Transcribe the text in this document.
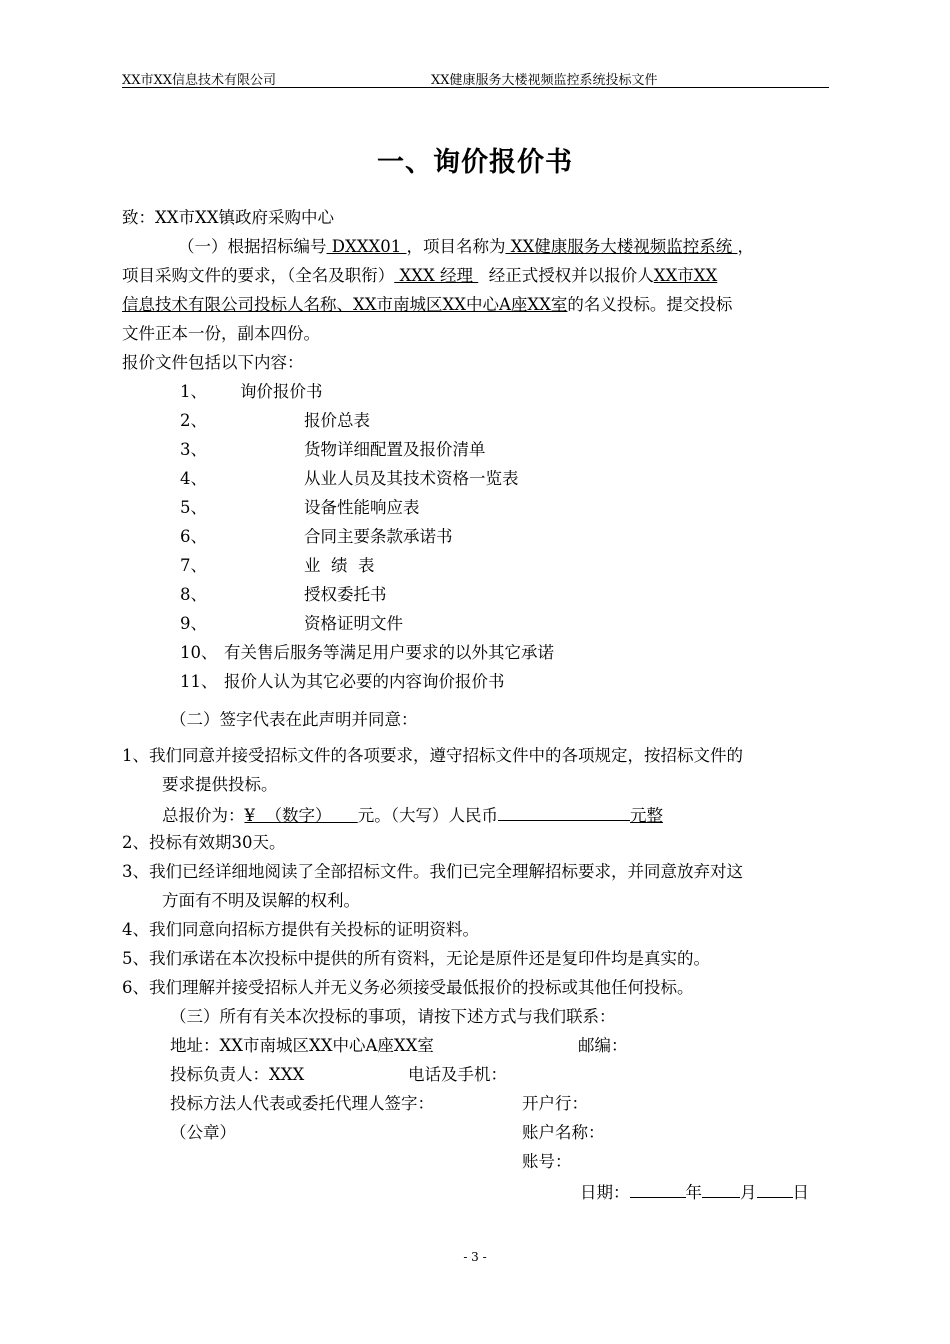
XX市XX信息技术有限公司	XX健康服务大楼视频监控系统投标文件
一、询价报价书
致：XX市XX镇政府采购中心
（一）根据招标编号 DXXX01 ，项目名称为 XX健康服务大楼视频监控系统 ，
项目采购文件的要求，（全名及职衔） XXX 经理   经正式授权并以报价人XX市XX
信息技术有限公司投标人名称、XX市南城区XX中心A座XX室的名义投标。提交投标
文件正本一份，副本四份。
报价文件包括以下内容：
1、 询价报价书
2、	报价总表
3、	货物详细配置及报价清单
4、	从业人员及其技术资格一览表
5、	设备性能响应表
6、	合同主要条款承诺书
7、	业  绩  表
8、	授权委托书
9、	资格证明文件
10、 有关售后服务等满足用户要求的以外其它承诺
11、 报价人认为其它必要的内容询价报价书
（二）签字代表在此声明并同意：
1、我们同意并接受招标文件的各项要求，遵守招标文件中的各项规定，按招标文件的
要求提供投标。
总报价为：¥  （数字）     元。（大写）人民币	元整
2、投标有效期30天。
3、我们已经详细地阅读了全部招标文件。我们已完全理解招标要求，并同意放弃对这
方面有不明及误解的权利。
4、我们同意向招标方提供有关投标的证明资料。
5、我们承诺在本次投标中提供的所有资料，无论是原件还是复印件均是真实的。
6、我们理解并接受招标人并无义务必须接受最低报价的投标或其他任何投标。
（三）所有有关本次投标的事项，请按下述方式与我们联系：
地址：XX市南城区XX中心A座XX室	邮编：
投标负责人：XXX	电话及手机：
投标方法人代表或委托代理人签字：	开户行：
（公章）	账户名称：
账号：
日期：	年 月 日
- 3 -
